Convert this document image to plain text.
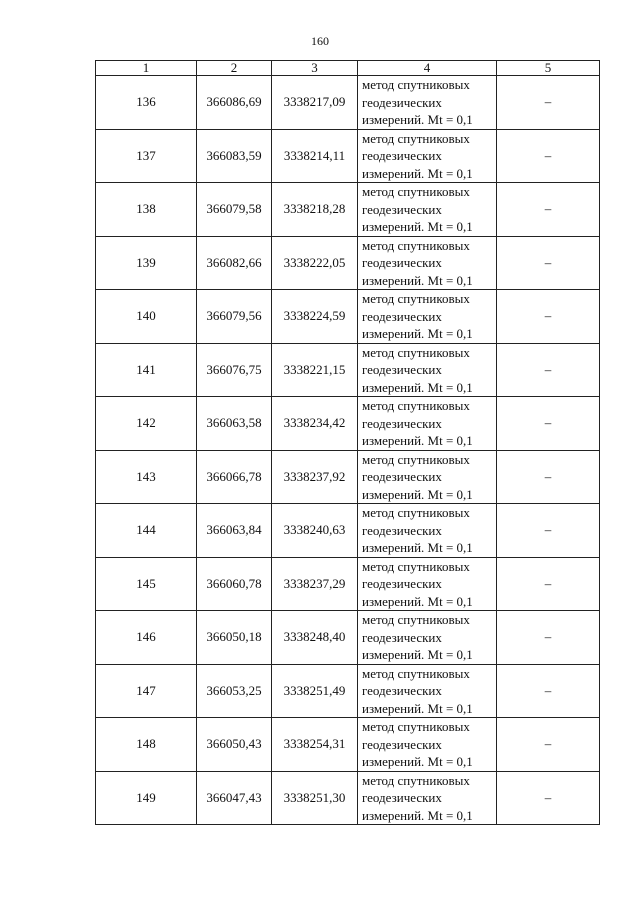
160
1	2	3	4	5
136	366086,69	3338217,09	метод спутниковых
геодезических
измерений. Mt = 0,1	–
137	366083,59	3338214,11	метод спутниковых
геодезических
измерений. Mt = 0,1	–
138	366079,58	3338218,28	метод спутниковых
геодезических
измерений. Mt = 0,1	–
139	366082,66	3338222,05	метод спутниковых
геодезических
измерений. Mt = 0,1	–
140	366079,56	3338224,59	метод спутниковых
геодезических
измерений. Mt = 0,1	–
141	366076,75	3338221,15	метод спутниковых
геодезических
измерений. Mt = 0,1	–
142	366063,58	3338234,42	метод спутниковых
геодезических
измерений. Mt = 0,1	–
143	366066,78	3338237,92	метод спутниковых
геодезических
измерений. Mt = 0,1	–
144	366063,84	3338240,63	метод спутниковых
геодезических
измерений. Mt = 0,1	–
145	366060,78	3338237,29	метод спутниковых
геодезических
измерений. Mt = 0,1	–
146	366050,18	3338248,40	метод спутниковых
геодезических
измерений. Mt = 0,1	–
147	366053,25	3338251,49	метод спутниковых
геодезических
измерений. Mt = 0,1	–
148	366050,43	3338254,31	метод спутниковых
геодезических
измерений. Mt = 0,1	–
149	366047,43	3338251,30	метод спутниковых
геодезических
измерений. Mt = 0,1	–
